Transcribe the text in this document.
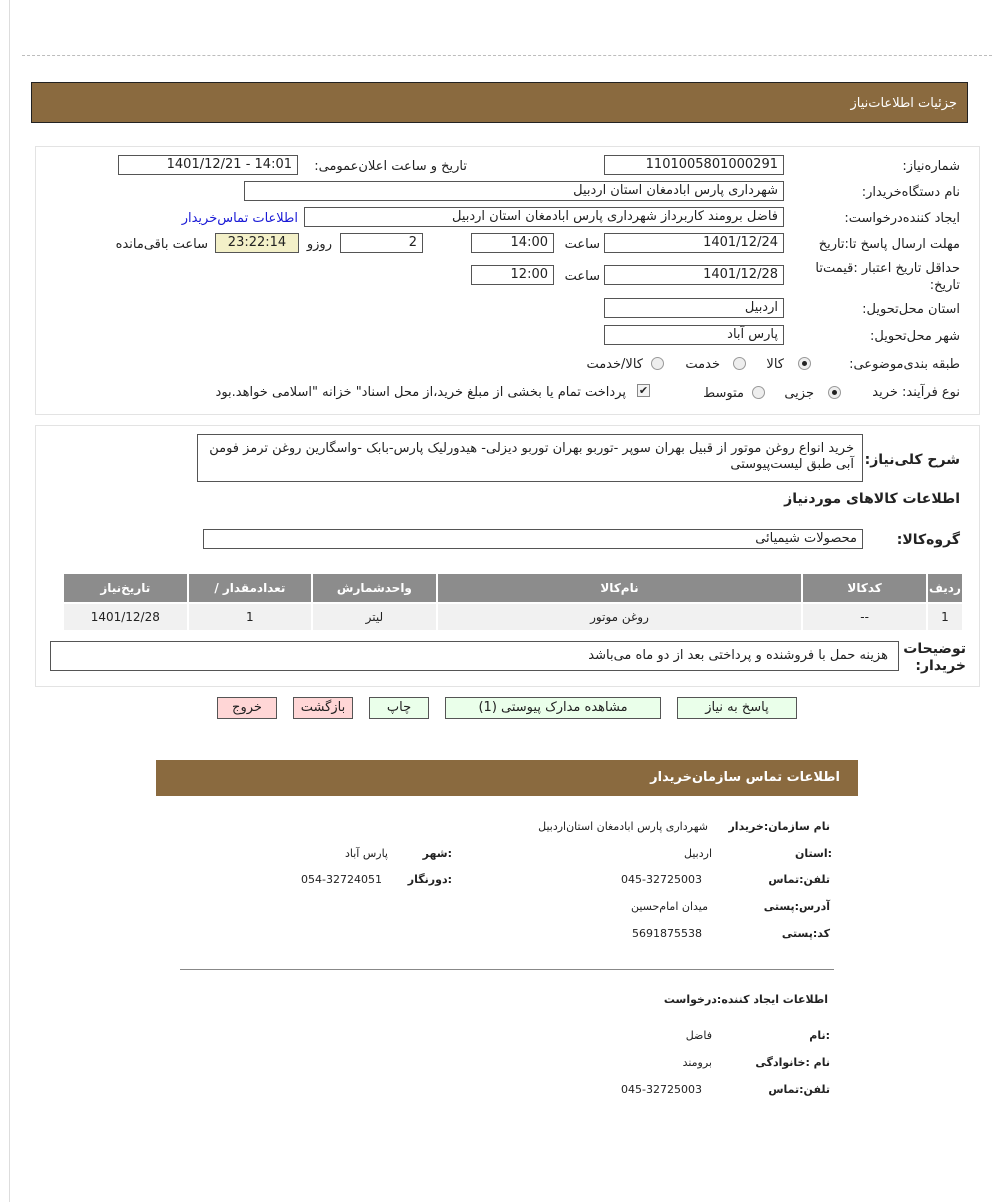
جزئیات اطلاعات‌نیاز
شماره‌نیاز:
1101005801000291
تاریخ و ساعت اعلان‌عمومی:
1401/12/21 - 14:01
نام دستگاه‌خریدار:
شهرداری پارس ابادمغان استان اردبیل
ایجاد کننده‌درخواست:
فاضل برومند کاربرداز شهرداری پارس ابادمغان استان اردبیل
اطلاعات تماس‌خریدار
مهلت ارسال پاسخ تا:تاریخ
1401/12/24
ساعت
14:00
2
روزو
23:22:14
ساعت باقی‌مانده
حداقل تاریخ اعتبار :قیمت‌تا
تاریخ:
1401/12/28
ساعت
12:00
استان محل‌تحویل:
اردبیل
شهر محل‌تحویل:
پارس آباد
طبقه بندی‌موضوعی:
کالا
خدمت
کالا/خدمت
نوع فرآیند: خرید
جزیی
متوسط
✔
پرداخت تمام یا بخشی از مبلغ خرید،از محل اسناد" خزانه "اسلامی خواهد.بود
شرح کلی‌نیاز:
خرید انواع روغن موتور از قبیل بهران سوپر -توربو بهران توربو دیزلی- هیدورلیک پارس-بابک -واسگارین روغن ترمز فومن آبی طبق لیست‌پیوستی
اطلاعات کالاهای موردنیاز
گروه‌کالا:
محصولات شیمیائی
ردیف	کدکالا	نام‌کالا	واحدشمارش	تعدادمقدار /	تاریخ‌نیاز
1	--	روغن موتور	لیتر	1	1401/12/28
توضیحات
خریدار:
هزینه حمل با فروشنده و پرداختی بعد از دو ماه می‌باشد
پاسخ به نیاز
مشاهده مدارک پیوستی (1)
چاپ
بازگشت
خروج
اطلاعات تماس سازمان‌خریدار
نام سازمان‌:خریدار
شهرداری پارس ابادمغان استان‌اردبیل
:استان
اردبیل
:شهر
پارس آباد
تلفن‌:تماس
045-32725003
:دورنگار
054-32724051
آدرس‌:پستی
میدان امام‌حسین
کد:پستی
5691875538
اطلاعات ایجاد کننده‌:درخواست
:نام
فاضل
نام :خانوادگی
برومند
تلفن‌:تماس
045-32725003
